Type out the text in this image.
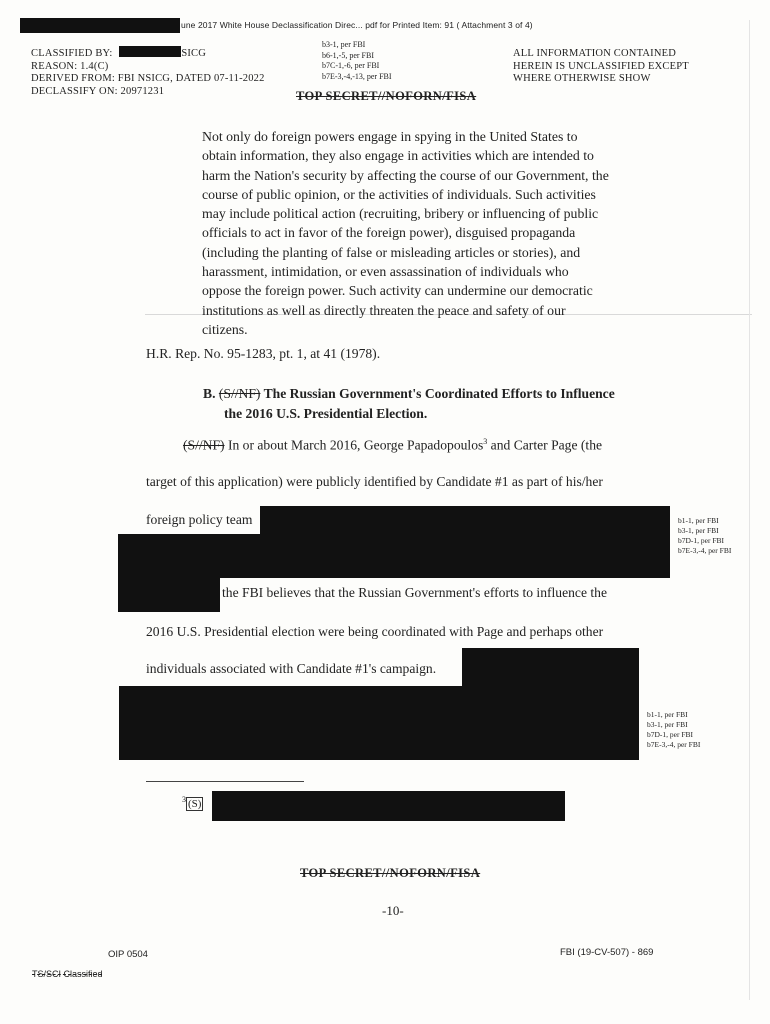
une 2017 White House Declassification Direc... pdf for Printed Item: 91 ( Attachment 3 of 4)
CLASSIFIED BY:	SICG
REASON: 1.4(C)
DERIVED FROM: FBI NSICG, DATED 07-11-2022
DECLASSIFY ON: 20971231
b3-1, per FBI
b6-1,-5, per FBI
b7C-1,-6, per FBI
b7E-3,-4,-13, per FBI
ALL INFORMATION CONTAINED
HEREIN IS UNCLASSIFIED EXCEPT
WHERE OTHERWISE SHOW
TOP SECRET//NOFORN/FISA

Not only do foreign powers engage in spying in the United States to

obtain information, they also engage in activities which are intended to

harm the Nation's security by affecting the course of our Government, the

course of public opinion, or the activities of individuals. Such activities

may include political action (recruiting, bribery or influencing of public

officials to act in favor of the foreign power), disguised propaganda

(including the planting of false or misleading articles or stories), and

harassment, intimidation, or even assassination of individuals who

oppose the foreign power. Such activity can undermine our democratic

institutions as well as directly threaten the peace and safety of our

citizens.

H.R. Rep. No. 95-1283, pt. 1, at 41 (1978).
B. (S//NF) The Russian Government's Coordinated Efforts to Influence
the 2016 U.S. Presidential Election.
(S//NF) In or about March 2016, George Papadopoulos$^3$ and Carter Page (the
target of this application) were publicly identified by Candidate #1 as part of his/her
foreign policy team	b1-1, per FBI
b3-1, per FBI
b7D-1, per FBI
b7E-3,-4, per FBI
the FBI believes that the Russian Government's efforts to influence the
2016 U.S. Presidential election were being coordinated with Page and perhaps other
individuals associated with Candidate #1's campaign.
b1-1, per FBI
b3-1, per FBI
b7D-1, per FBI
b7E-3,-4, per FBI
$^3$ (S)
TOP SECRET//NOFORN/FISA
-10-
OIP 0504	FBI (19-CV-507) - 869
TS/SCI Classified
